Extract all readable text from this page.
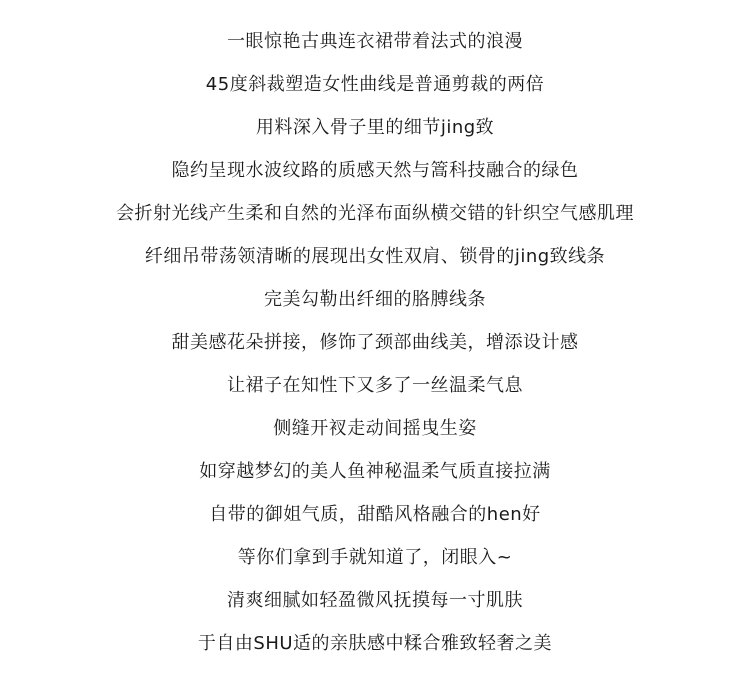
一眼惊艳古典连衣裙带着法式的浪漫
45度斜裁塑造女性曲线是普通剪裁的两倍
用料深入骨子里的细节jing致
隐约呈现水波纹路的质感天然与篙科技融合的绿色
会折射光线产生柔和自然的光泽布面纵横交错的针织空气感肌理
纤细吊带荡领清晰的展现出女性双肩、锁骨的jing致线条
完美勾勒出纤细的胳膊线条
甜美感花朵拼接，修饰了颈部曲线美，增添设计感
让裙子在知性下又多了一丝温柔气息
侧缝开衩走动间摇曳生姿
如穿越梦幻的美人鱼神秘温柔气质直接拉满
自带的御姐气质，甜酷风格融合的hen好
等你们拿到手就知道了，闭眼入~
清爽细腻如轻盈微风抚摸每一寸肌肤
于自由SHU适的亲肤感中糅合雅致轻奢之美
